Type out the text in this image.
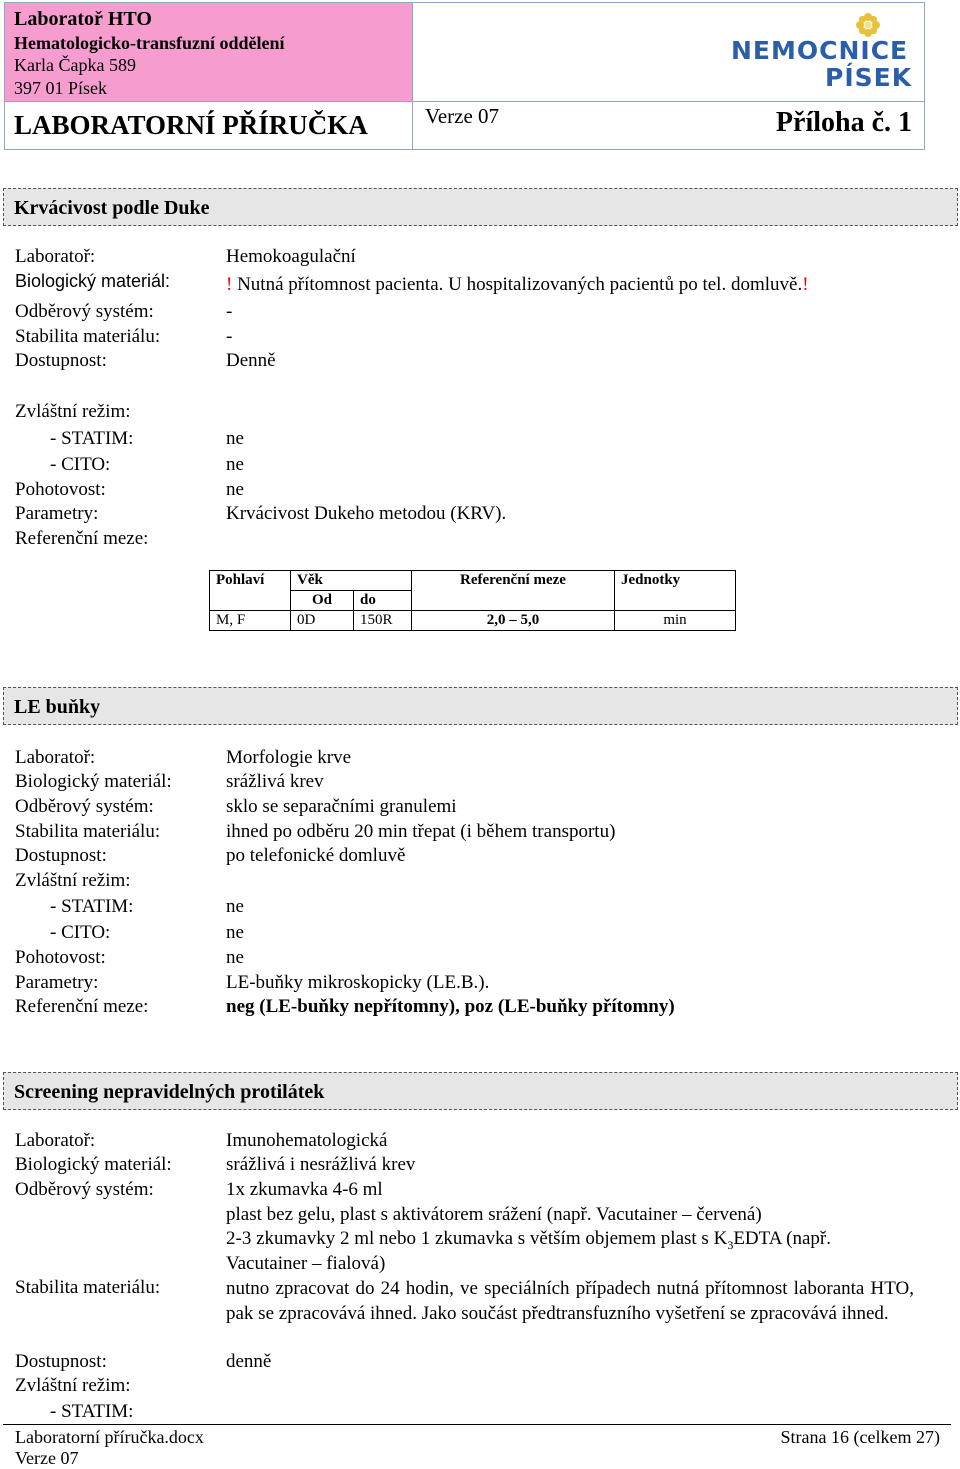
Laboratoř HTO
Hematologicko-transfuzní oddělení
Karla Čapka 589
397 01 Písek
NEMOCNICE
PÍSEK
LABORATORNÍ PŘÍRUČKA	Verze 07	Příloha č. 1
Krvácivost podle Duke
Laboratoř:	Hemokoagulační
Biologický materiál:	! Nutná přítomnost pacienta. U hospitalizovaných pacientů po tel. domluvě.!
Odběrový systém:	-
Stabilita materiálu:	-
Dostupnost:	Denně
Zvláštní režim:
- STATIM:	ne
- CITO:	ne
Pohotovost:	ne
Parametry:	Krvácivost Dukeho metodou (KRV).
Referenční meze:
Pohlaví	Věk		Referenční meze	Jednotky
	Od	do		
M, F	0D	150R	2,0 – 5,0	min
LE buňky
Laboratoř:	Morfologie krve
Biologický materiál:	srážlivá krev
Odběrový systém:	sklo se separačními granulemi
Stabilita materiálu:	ihned po odběru 20 min třepat (i během transportu)
Dostupnost:	po telefonické domluvě
Zvláštní režim:
- STATIM:	ne
- CITO:	ne
Pohotovost:	ne
Parametry:	LE-buňky mikroskopicky (LE.B.).
Referenční meze:	neg (LE-buňky nepřítomny), poz (LE-buňky přítomny)
Screening nepravidelných protilátek
Laboratoř:	Imunohematologická
Biologický materiál:	srážlivá i nesrážlivá krev
Odběrový systém:	1x zkumavka 4-6 ml
plast bez gelu, plast s aktivátorem srážení (např. Vacutainer – červená)
2-3 zkumavky 2 ml nebo 1 zkumavka s větším objemem plast s $K_3EDTA$ (např.
Vacutainer – fialová)
Stabilita materiálu:	nutno zpracovat do 24 hodin, ve speciálních případech nutná přítomnost laboranta HTO, pak se zpracovává ihned. Jako součást předtransfuzního vyšetření se zpracovává ihned.
Dostupnost:	denně
Zvláštní režim:
- STATIM:
Laboratorní příručka.docx
Verze 07
Strana 16 (celkem 27)
